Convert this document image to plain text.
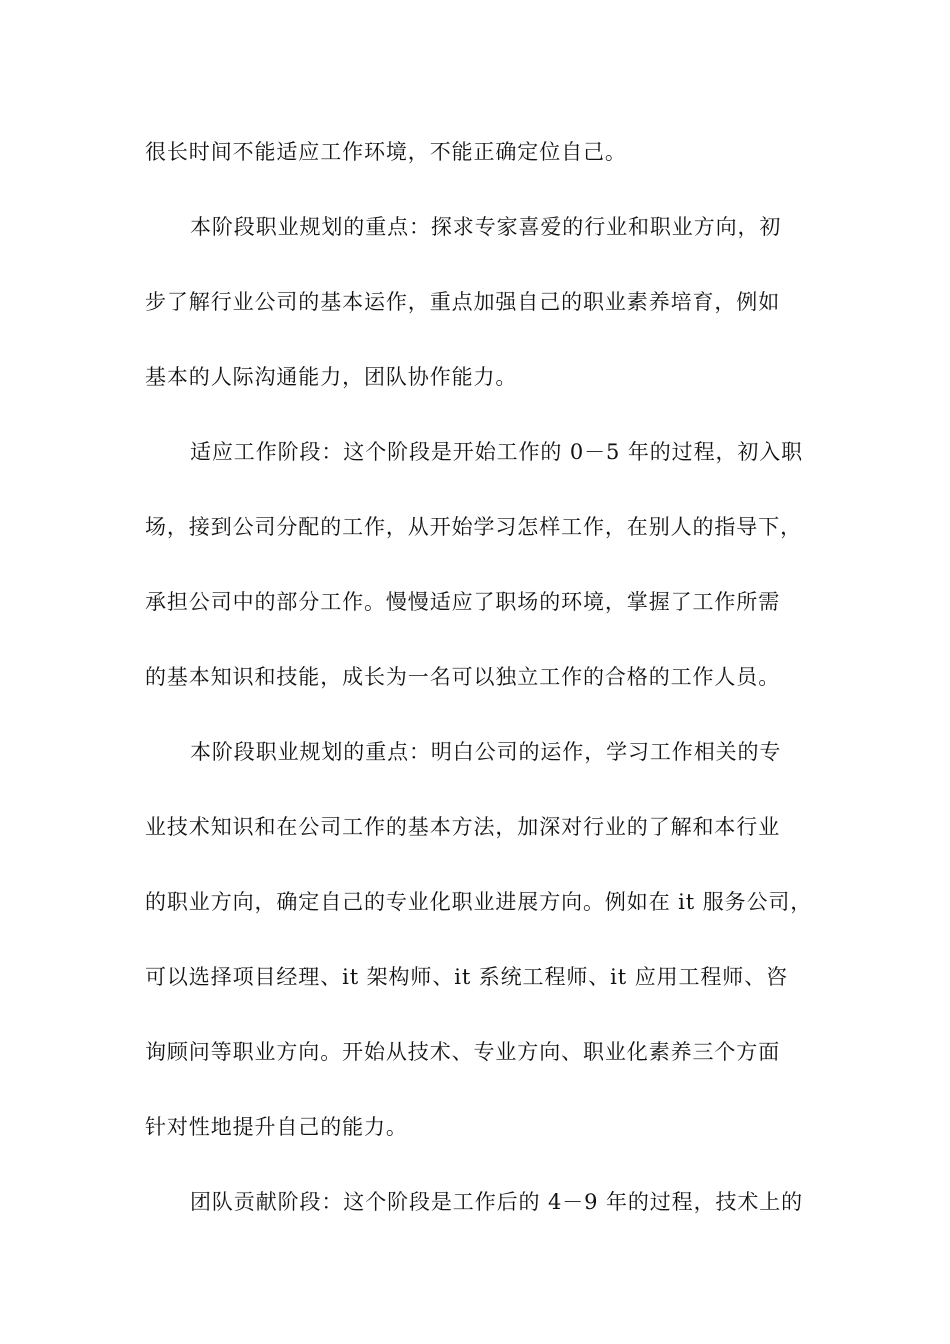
很长时间不能适应工作环境，不能正确定位自己。
本阶段职业规划的重点：探求专家喜爱的行业和职业方向，初
步了解行业公司的基本运作，重点加强自己的职业素养培育，例如
基本的人际沟通能力，团队协作能力。
适应工作阶段：这个阶段是开始工作的 0－5 年的过程，初入职
场，接到公司分配的工作，从开始学习怎样工作，在别人的指导下，
承担公司中的部分工作。慢慢适应了职场的环境，掌握了工作所需
的基本知识和技能，成长为一名可以独立工作的合格的工作人员。
本阶段职业规划的重点：明白公司的运作，学习工作相关的专
业技术知识和在公司工作的基本方法，加深对行业的了解和本行业
的职业方向，确定自己的专业化职业进展方向。例如在 it 服务公司，
可以选择项目经理、it 架构师、it 系统工程师、it 应用工程师、咨
询顾问等职业方向。开始从技术、专业方向、职业化素养三个方面
针对性地提升自己的能力。
团队贡献阶段：这个阶段是工作后的 4－9 年的过程，技术上的
